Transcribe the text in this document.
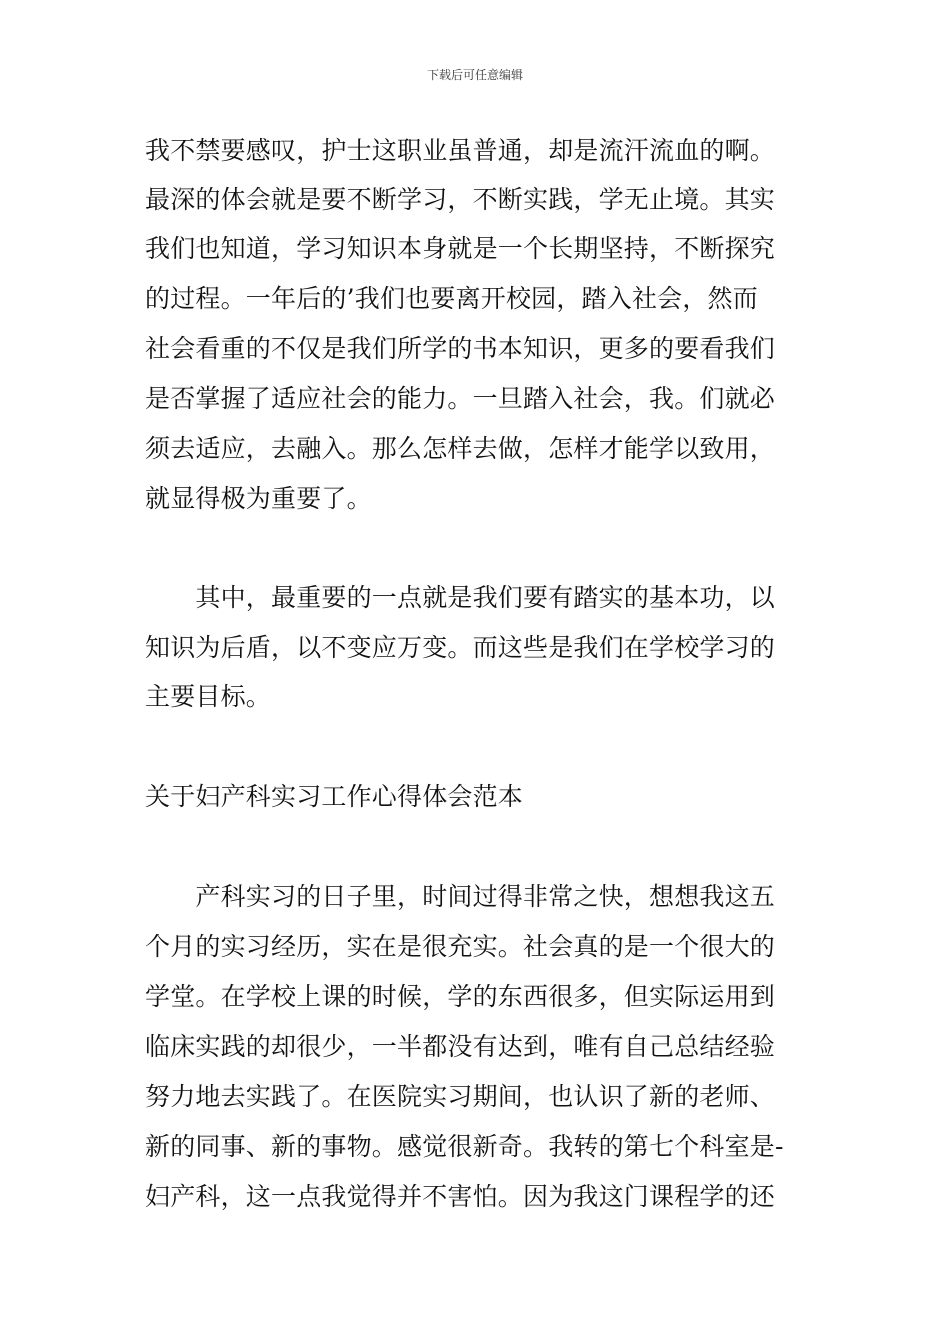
下载后可任意编辑
我不禁要感叹，护士这职业虽普通，却是流汗流血的啊。
最深的体会就是要不断学习，不断实践，学无止境。其实
我们也知道，学习知识本身就是一个长期坚持，不断探究
的过程。一年后的’我们也要离开校园，踏入社会，然而
社会看重的不仅是我们所学的书本知识，更多的要看我们
是否掌握了适应社会的能力。一旦踏入社会，我。们就必
须去适应，去融入。那么怎样去做，怎样才能学以致用，
就显得极为重要了。
　　其中，最重要的一点就是我们要有踏实的基本功，以
知识为后盾，以不变应万变。而这些是我们在学校学习的
主要目标。
关于妇产科实习工作心得体会范本
　　产科实习的日子里，时间过得非常之快，想想我这五
个月的实习经历，实在是很充实。社会真的是一个很大的
学堂。在学校上课的时候，学的东西很多，但实际运用到
临床实践的却很少，一半都没有达到，唯有自己总结经验
努力地去实践了。在医院实习期间，也认识了新的老师、
新的同事、新的事物。感觉很新奇。我转的第七个科室是-
妇产科，这一点我觉得并不害怕。因为我这门课程学的还
